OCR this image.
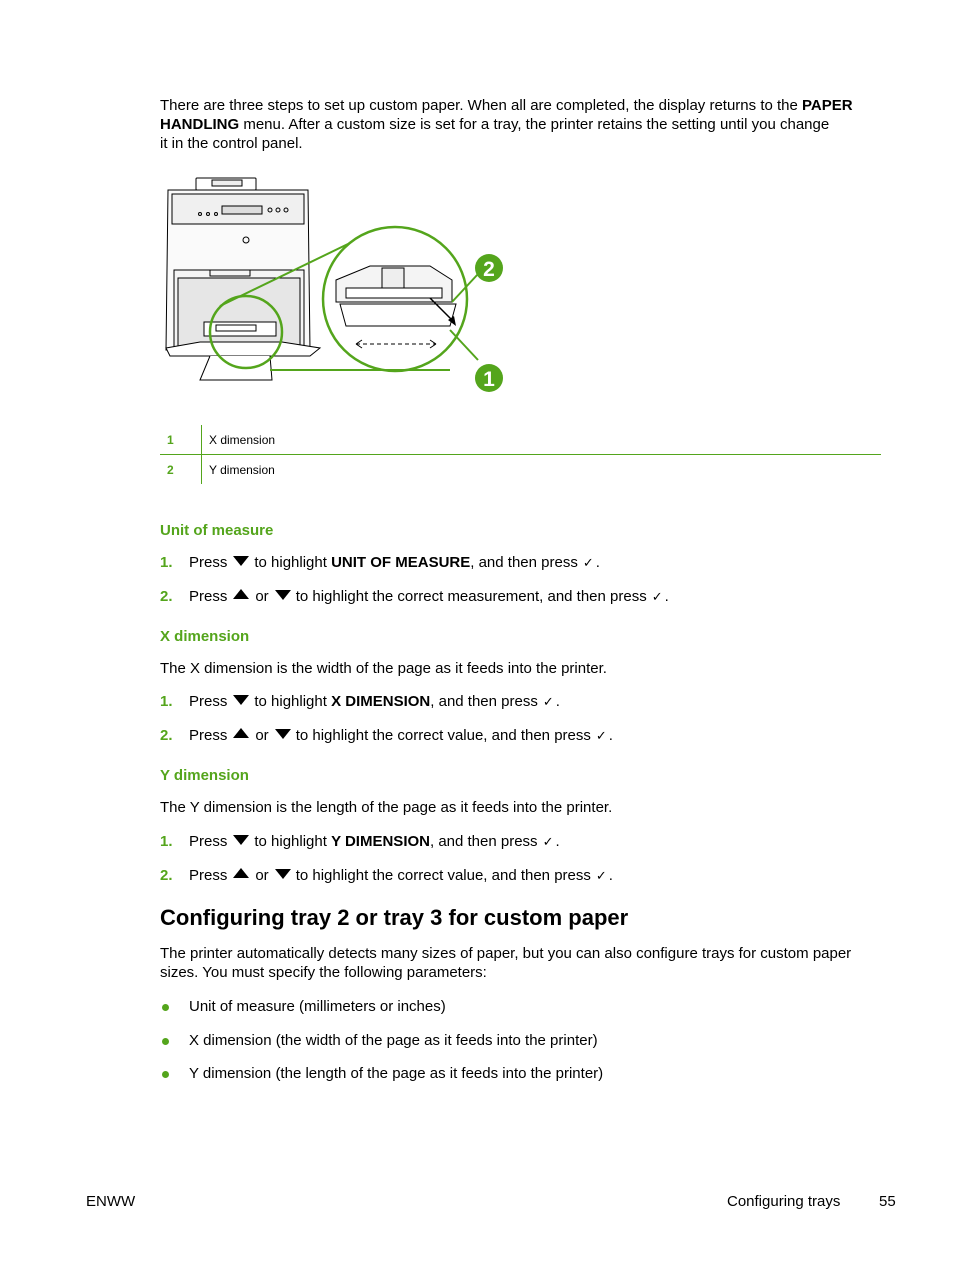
There are three steps to set up custom paper. When all are completed, the display returns to the PAPER
HANDLING menu. After a custom size is set for a tray, the printer retains the setting until you change
it in the control panel.
2
1
1	X dimension
2	Y dimension
Unit of measure
1. Press to highlight UNIT OF MEASURE, and then press ✓ .
2. Press or to highlight the correct measurement, and then press ✓ .
X dimension
The X dimension is the width of the page as it feeds into the printer.
1. Press to highlight X DIMENSION, and then press ✓ .
2. Press or to highlight the correct value, and then press ✓ .
Y dimension
The Y dimension is the length of the page as it feeds into the printer.
1. Press to highlight Y DIMENSION, and then press ✓ .
2. Press or to highlight the correct value, and then press ✓ .
Configuring tray 2 or tray 3 for custom paper
The printer automatically detects many sizes of paper, but you can also configure trays for custom paper
sizes. You must specify the following parameters:
Unit of measure (millimeters or inches)
X dimension (the width of the page as it feeds into the printer)
Y dimension (the length of the page as it feeds into the printer)
ENWW	Configuring trays	55
